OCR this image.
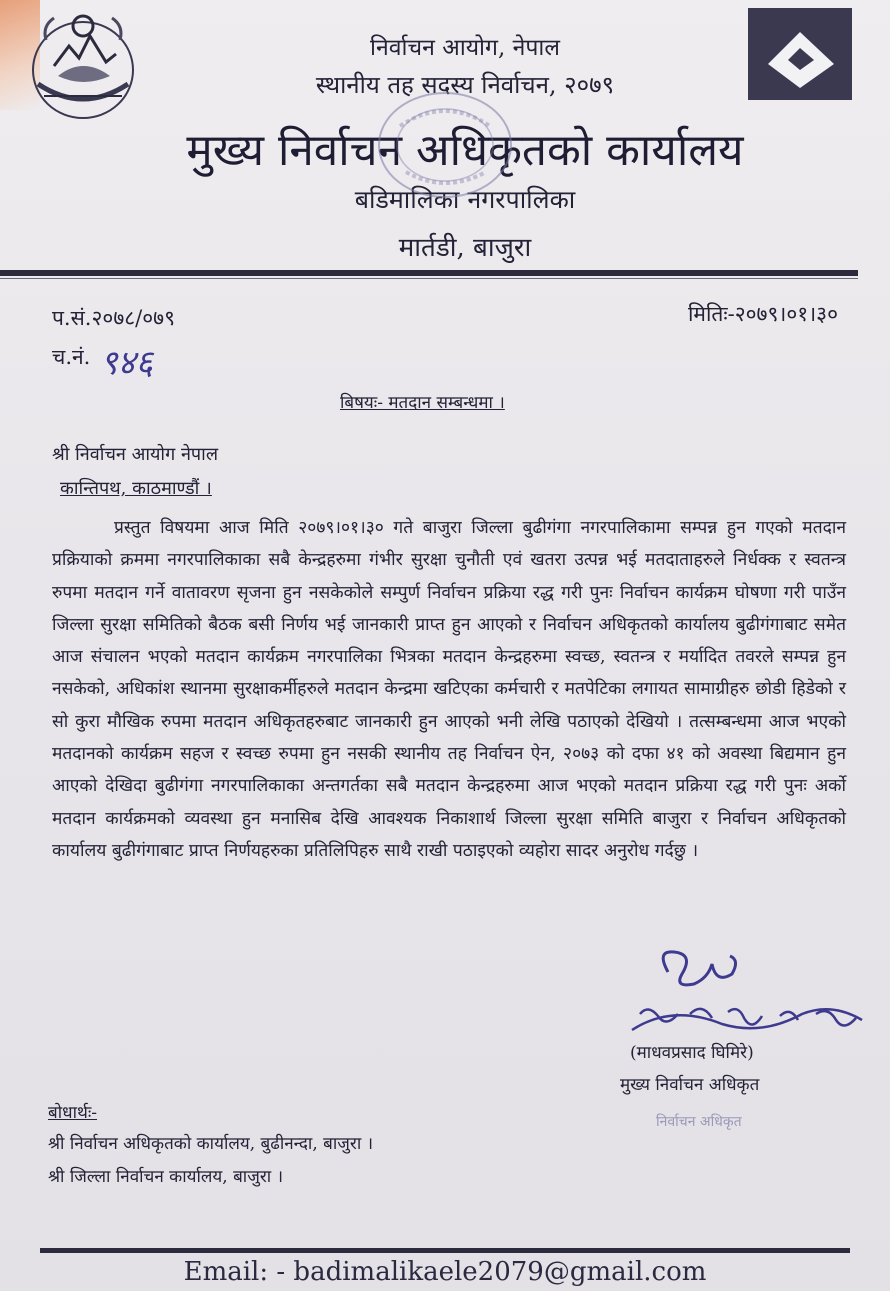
निर्वाचन आयोग, नेपाल
स्थानीय तह सदस्य निर्वाचन, २०७९
मुख्य निर्वाचन अधिकृतको कार्यालय
बडिमालिका नगरपालिका
मार्तडी, बाजुरा
प.सं.२०७८/०७९	मितिः-२०७९।०१।३०
च.नं. ९४६
बिषयः- मतदान सम्बन्धमा ।
श्री निर्वाचन आयोग नेपाल
कान्तिपथ, काठमाण्डौं ।
प्रस्तुत विषयमा आज मिति २०७९।०१।३० गते बाजुरा जिल्ला बुढीगंगा नगरपालिकामा सम्पन्न हुन गएको मतदान प्रक्रियाको क्रममा नगरपालिकाका सबै केन्द्रहरुमा गंभीर सुरक्षा चुनौती एवं खतरा उत्पन्न भई मतदाताहरुले निर्धक्क र स्वतन्त्र रुपमा मतदान गर्ने वातावरण सृजना हुन नसकेकोले सम्पुर्ण निर्वाचन प्रक्रिया रद्ध गरी पुनः निर्वाचन कार्यक्रम घोषणा गरी पाउँन जिल्ला सुरक्षा समितिको बैठक बसी निर्णय भई जानकारी प्राप्त हुन आएको र निर्वाचन अधिकृतको कार्यालय बुढीगंगाबाट समेत आज संचालन भएको मतदान कार्यक्रम नगरपालिका भित्रका मतदान केन्द्रहरुमा स्वच्छ, स्वतन्त्र र मर्यादित तवरले सम्पन्न हुन नसकेको, अधिकांश स्थानमा सुरक्षाकर्मीहरुले मतदान केन्द्रमा खटिएका कर्मचारी र मतपेटिका लगायत सामाग्रीहरु छोडी हिडेको र सो कुरा मौखिक रुपमा मतदान अधिकृतहरुबाट जानकारी हुन आएको भनी लेखि पठाएको देखियो । तत्सम्बन्धमा आज भएको मतदानको कार्यक्रम सहज र स्वच्छ रुपमा हुन नसकी स्थानीय तह निर्वाचन ऐन, २०७३ को दफा ४१ को अवस्था बिद्यमान हुन आएको देखिदा बुढीगंगा नगरपालिकाका अन्तगर्तका सबै मतदान केन्द्रहरुमा आज भएको मतदान प्रक्रिया रद्ध गरी पुनः अर्को मतदान कार्यक्रमको व्यवस्था हुन मनासिब देखि आवश्यक निकाशार्थ जिल्ला सुरक्षा समिति बाजुरा र निर्वाचन अधिकृतको कार्यालय बुढीगंगाबाट प्राप्त निर्णयहरुका प्रतिलिपिहरु साथै राखी पठाइएको व्यहोरा सादर अनुरोध गर्दछु ।
(माधवप्रसाद घिमिरे)
मुख्य निर्वाचन अधिकृत
निर्वाचन अधिकृत
बोधार्थः-
श्री निर्वाचन अधिकृतको कार्यालय, बुढीनन्दा, बाजुरा ।
श्री जिल्ला निर्वाचन कार्यालय, बाजुरा ।
Email: - badimalikaele2079@gmail.com
